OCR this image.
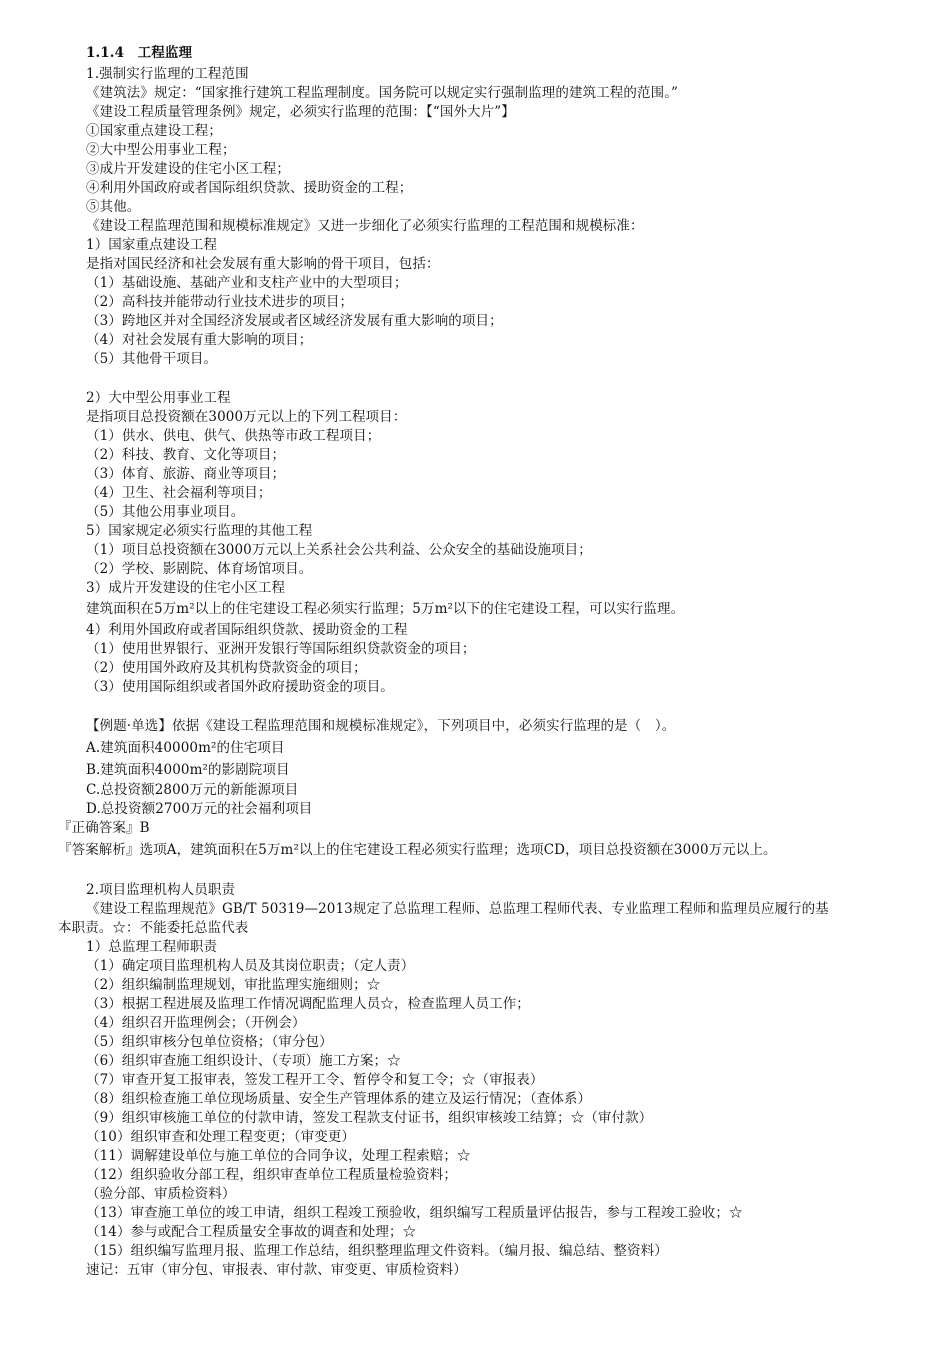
1.1.4　工程监理
1.强制实行监理的工程范围
《建筑法》规定：“国家推行建筑工程监理制度。国务院可以规定实行强制监理的建筑工程的范围。”
《建设工程质量管理条例》规定，必须实行监理的范围：【“国外大片”】
①国家重点建设工程；
②大中型公用事业工程；
③成片开发建设的住宅小区工程；
④利用外国政府或者国际组织贷款、援助资金的工程；
⑤其他。
《建设工程监理范围和规模标准规定》又进一步细化了必须实行监理的工程范围和规模标准：
1）国家重点建设工程
是指对国民经济和社会发展有重大影响的骨干项目，包括：
（1）基础设施、基础产业和支柱产业中的大型项目；
（2）高科技并能带动行业技术进步的项目；
（3）跨地区并对全国经济发展或者区域经济发展有重大影响的项目；
（4）对社会发展有重大影响的项目；
（5）其他骨干项目。
2）大中型公用事业工程
是指项目总投资额在3000万元以上的下列工程项目：
（1）供水、供电、供气、供热等市政工程项目；
（2）科技、教育、文化等项目；
（3）体育、旅游、商业等项目；
（4）卫生、社会福利等项目；
（5）其他公用事业项目。
5）国家规定必须实行监理的其他工程
（1）项目总投资额在3000万元以上关系社会公共利益、公众安全的基础设施项目；
（2）学校、影剧院、体育场馆项目。
3）成片开发建设的住宅小区工程
建筑面积在5万m²以上的住宅建设工程必须实行监理；5万m²以下的住宅建设工程，可以实行监理。
4）利用外国政府或者国际组织贷款、援助资金的工程
（1）使用世界银行、亚洲开发银行等国际组织贷款资金的项目；
（2）使用国外政府及其机构贷款资金的项目；
（3）使用国际组织或者国外政府援助资金的项目。
【例题·单选】依据《建设工程监理范围和规模标准规定》，下列项目中，必须实行监理的是（　）。
A.建筑面积40000m²的住宅项目
B.建筑面积4000m²的影剧院项目
C.总投资额2800万元的新能源项目
D.总投资额2700万元的社会福利项目
『正确答案』B
『答案解析』选项A，建筑面积在5万m²以上的住宅建设工程必须实行监理；选项CD，项目总投资额在3000万元以上。
2.项目监理机构人员职责
《建设工程监理规范》GB/T 50319—2013规定了总监理工程师、总监理工程师代表、专业监理工程师和监理员应履行的基
本职责。☆：不能委托总监代表
1）总监理工程师职责
（1）确定项目监理机构人员及其岗位职责；（定人责）
（2）组织编制监理规划，审批监理实施细则；☆
（3）根据工程进展及监理工作情况调配监理人员☆，检查监理人员工作；
（4）组织召开监理例会；（开例会）
（5）组织审核分包单位资格；（审分包）
（6）组织审查施工组织设计、（专项）施工方案；☆
（7）审查开复工报审表，签发工程开工令、暂停令和复工令；☆（审报表）
（8）组织检查施工单位现场质量、安全生产管理体系的建立及运行情况；（查体系）
（9）组织审核施工单位的付款申请，签发工程款支付证书，组织审核竣工结算；☆（审付款）
（10）组织审查和处理工程变更；（审变更）
（11）调解建设单位与施工单位的合同争议，处理工程索赔；☆
（12）组织验收分部工程，组织审查单位工程质量检验资料；
（验分部、审质检资料）
（13）审查施工单位的竣工申请，组织工程竣工预验收，组织编写工程质量评估报告，参与工程竣工验收；☆
（14）参与或配合工程质量安全事故的调查和处理；☆
（15）组织编写监理月报、监理工作总结，组织整理监理文件资料。（编月报、编总结、整资料）
速记：五审（审分包、审报表、审付款、审变更、审质检资料）
